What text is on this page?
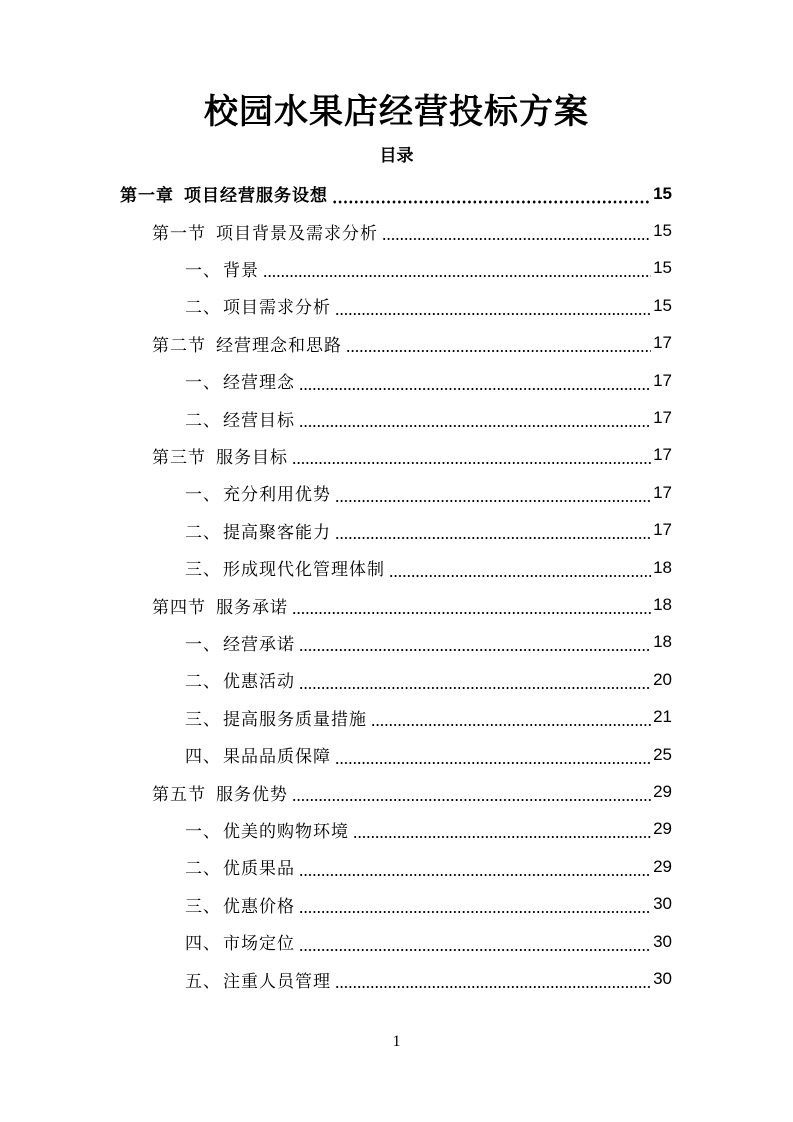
校园水果店经营投标方案
目录
第一章 项目经营服务设想	15
第一节 项目背景及需求分析	15
一、 背景	15
二、 项目需求分析	15
第二节 经营理念和思路	17
一、 经营理念	17
二、 经营目标	17
第三节 服务目标	17
一、 充分利用优势	17
二、 提高聚客能力	17
三、 形成现代化管理体制	18
第四节 服务承诺	18
一、 经营承诺	18
二、 优惠活动	20
三、 提高服务质量措施	21
四、 果品品质保障	25
第五节 服务优势	29
一、 优美的购物环境	29
二、 优质果品	29
三、 优惠价格	30
四、 市场定位	30
五、 注重人员管理	30
1
